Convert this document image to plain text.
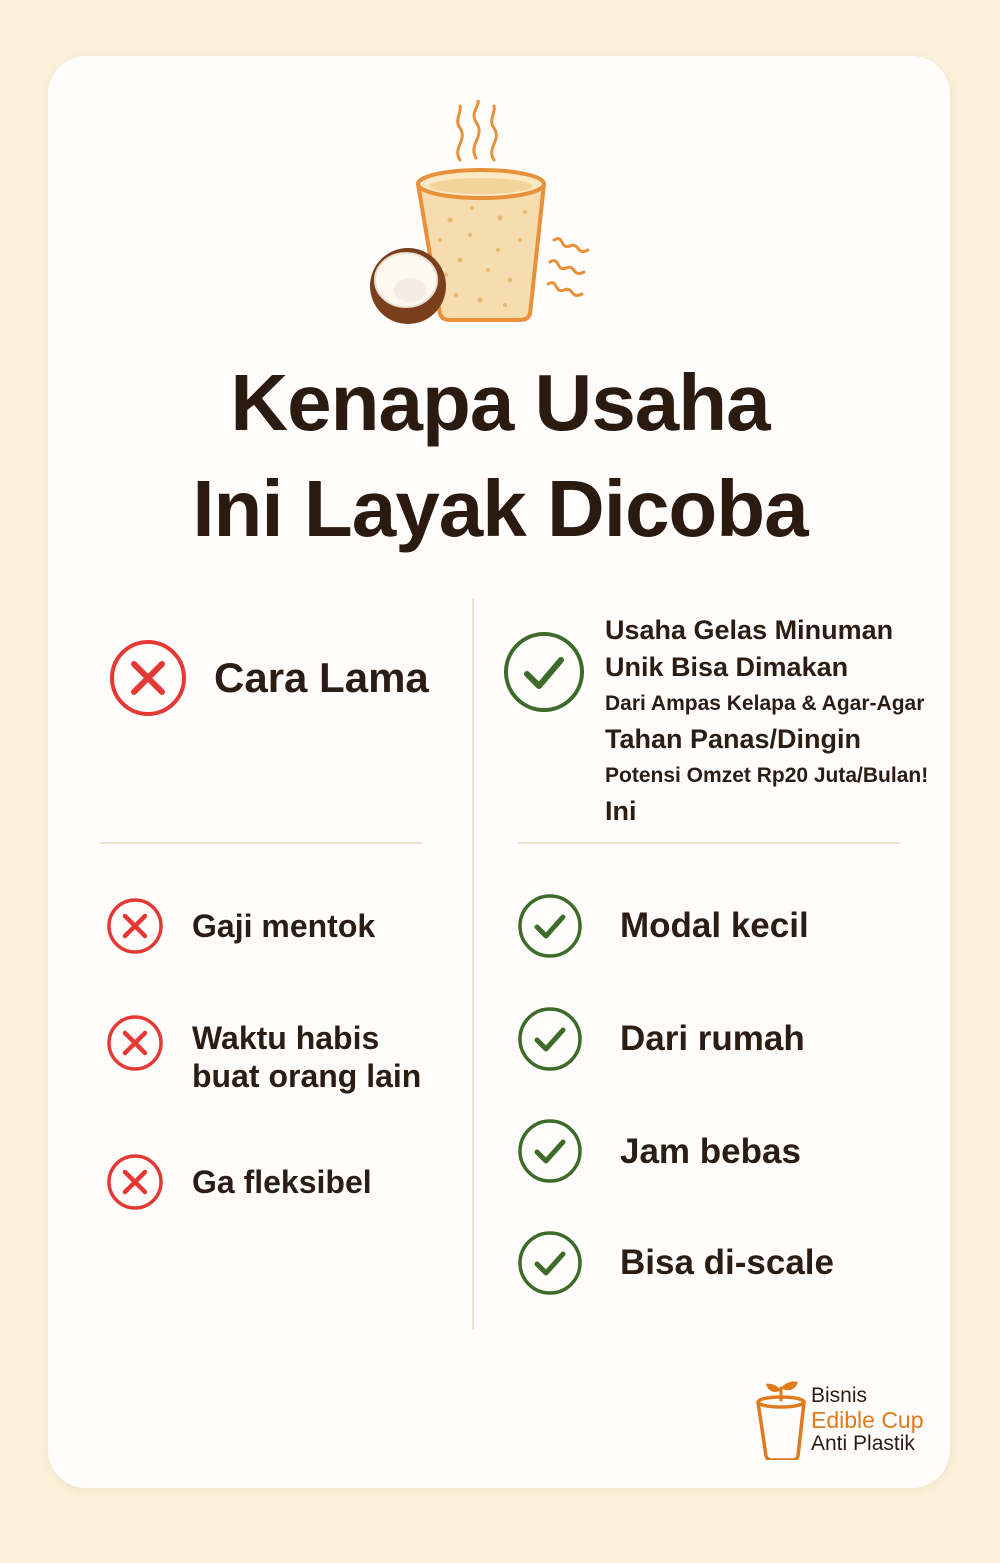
Kenapa Usaha
Ini Layak Dicoba
Cara Lama
Usaha Gelas Minuman
Unik Bisa Dimakan
Dari Ampas Kelapa & Agar-Agar
Tahan Panas/Dingin
Potensi Omzet Rp20 Juta/Bulan!
Ini
Gaji mentok
Waktu habis
buat orang lain
Ga fleksibel
Modal kecil
Dari rumah
Jam bebas
Bisa di-scale
Bisnis
Edible Cup
Anti Plastik
